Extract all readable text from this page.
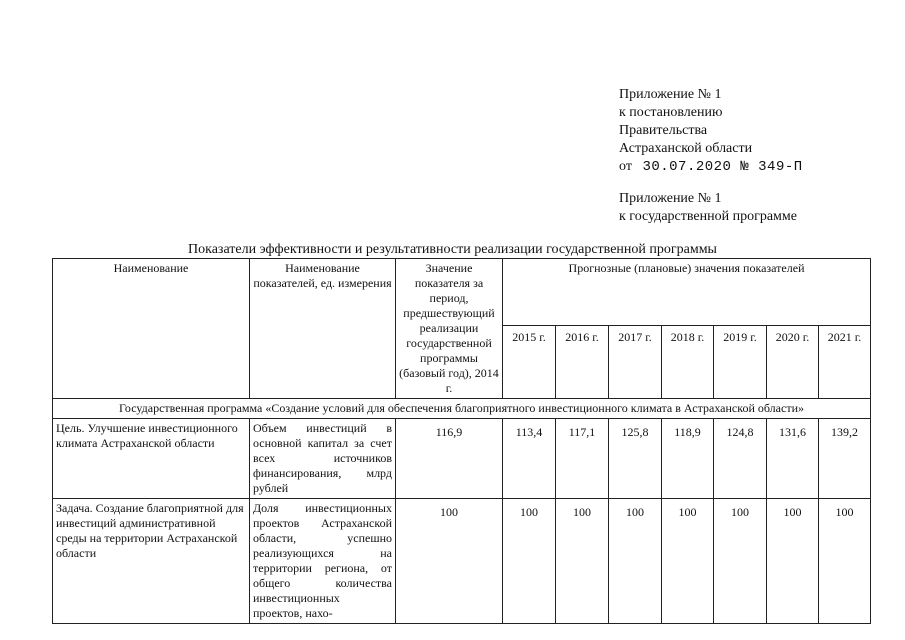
Приложение № 1
к постановлению
Правительства
Астраханской области
от 30.07.2020 № 349-П
Приложение № 1
к государственной программе
Показатели эффективности и результативности реализации государственной программы
Наименование	Наименование показателей, ед. измерения	Значение показателя за период, предшествующий реализации государственной программы (базовый год), 2014 г.	Прогнозные (плановые) значения показателей						
			2015 г.	2016 г.	2017 г.	2018 г.	2019 г.	2020 г.	2021 г.
Государственная программа «Создание условий для обеспечения благоприятного инвестиционного климата в Астраханской области»									
Цель. Улучшение инвестиционного климата Астраханской области	Объем инвестиций в основной капитал за счет всех источников финансирования, млрд рублей	116,9	113,4	117,1	125,8	118,9	124,8	131,6	139,2
Задача. Создание благоприятной для инвестиций административной среды на территории Астраханской области	Доля инвестиционных проектов Астраханской области, успешно реализующихся на территории региона, от общего количества инвестиционных проектов, нахо-	100	100	100	100	100	100	100	100
